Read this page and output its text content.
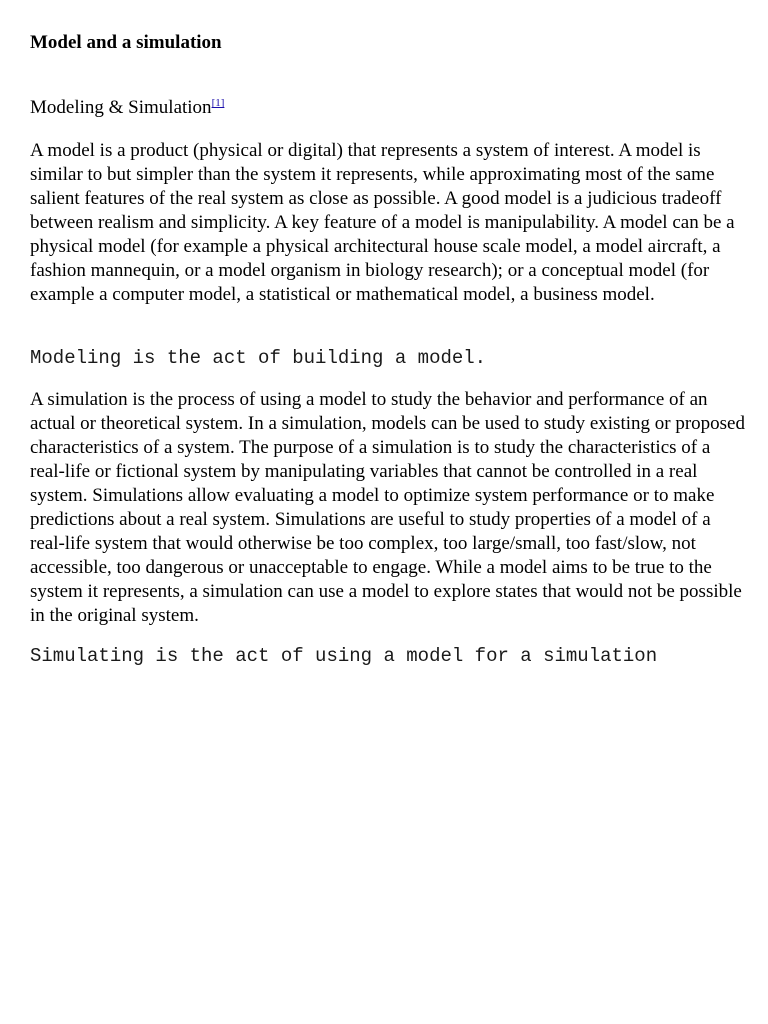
Model and a simulation
Modeling & Simulation[1]

A model is a product (physical or digital) that represents a system of interest. A model is similar to but simpler than the system it represents, while approximating most of the same salient features of the real system as close as possible. A good model is a judicious tradeoff between realism and simplicity. A key feature of a model is manipulability. A model can be a physical model (for example a physical architectural house scale model, a model aircraft, a fashion mannequin, or a model organism in biology research); or a conceptual model (for example a computer model, a statistical or mathematical model, a business model.

Modeling is the act of building a model.

A simulation is the process of using a model to study the behavior and performance of an actual or theoretical system. In a simulation, models can be used to study existing or proposed characteristics of a system. The purpose of a simulation is to study the characteristics of a real-life or fictional system by manipulating variables that cannot be controlled in a real system. Simulations allow evaluating a model to optimize system performance or to make predictions about a real system. Simulations are useful to study properties of a model of a real-life system that would otherwise be too complex, too large/small, too fast/slow, not accessible, too dangerous or unacceptable to engage. While a model aims to be true to the system it represents, a simulation can use a model to explore states that would not be possible in the original system.

Simulating is the act of using a model for a simulation
